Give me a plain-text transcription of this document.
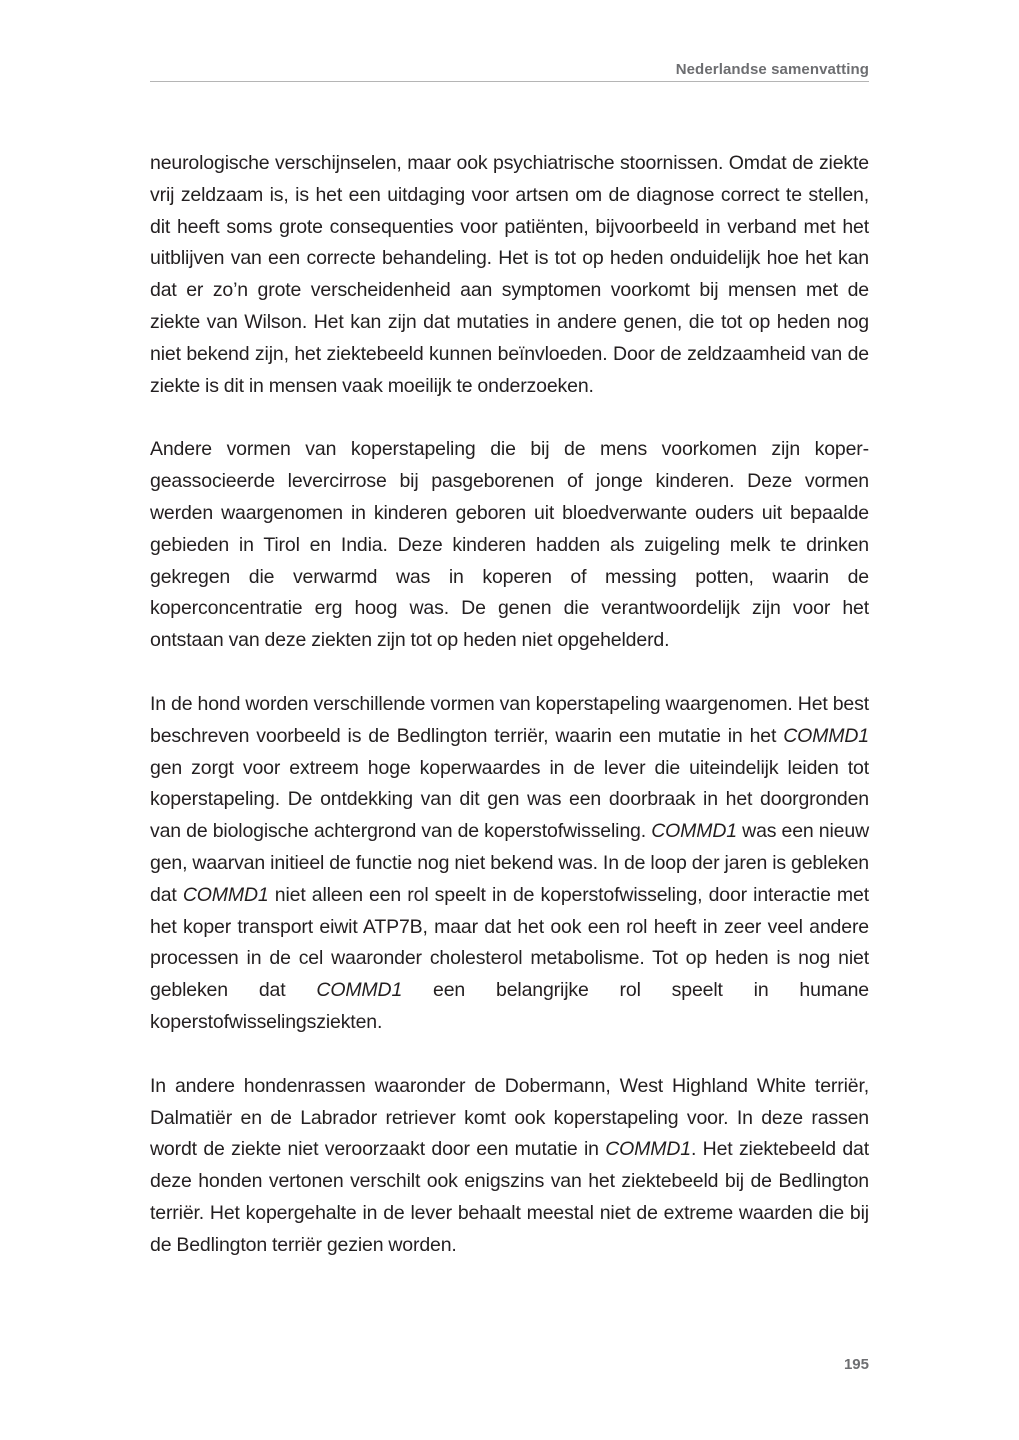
Nederlandse samenvatting

neurologische verschijnselen, maar ook psychiatrische stoornissen. Omdat de ziekte vrij zeldzaam is, is het een uitdaging voor artsen om de diagnose correct te stellen, dit heeft soms grote consequenties voor patiënten, bijvoorbeeld in verband met het uitblijven van een correcte behandeling. Het is tot op heden onduidelijk hoe het kan dat er zo’n grote verscheidenheid aan symptomen voorkomt bij mensen met de ziekte van Wilson. Het kan zijn dat mutaties in andere genen, die tot op heden nog niet bekend zijn, het ziektebeeld kunnen beïnvloeden. Door de zeldzaamheid van de ziekte is dit in mensen vaak moeilijk te onderzoeken.

Andere vormen van koperstapeling die bij de mens voorkomen zijn koper-geassocieerde levercirrose bij pasgeborenen of jonge kinderen. Deze vormen werden waargenomen in kinderen geboren uit bloedverwante ouders uit bepaalde gebieden in Tirol en India. Deze kinderen hadden als zuigeling melk te drinken gekregen die verwarmd was in koperen of messing potten, waarin de koperconcentratie erg hoog was. De genen die verantwoordelijk zijn voor het ontstaan van deze ziekten zijn tot op heden niet opgehelderd.

In de hond worden verschillende vormen van koperstapeling waargenomen. Het best beschreven voorbeeld is de Bedlington terriër, waarin een mutatie in het COMMD1 gen zorgt voor extreem hoge koperwaardes in de lever die uiteindelijk leiden tot koperstapeling. De ontdekking van dit gen was een doorbraak in het doorgronden van de biologische achtergrond van de koperstofwisseling. COMMD1 was een nieuw gen, waarvan initieel de functie nog niet bekend was. In de loop der jaren is gebleken dat COMMD1 niet alleen een rol speelt in de koperstofwisseling, door interactie met het koper transport eiwit ATP7B, maar dat het ook een rol heeft in zeer veel andere processen in de cel waaronder cholesterol metabolisme. Tot op heden is nog niet gebleken dat COMMD1 een belangrijke rol speelt in humane koperstofwisselingsziekten.

In andere hondenrassen waaronder de Dobermann, West Highland White terriër, Dalmatiër en de Labrador retriever komt ook koperstapeling voor. In deze rassen wordt de ziekte niet veroorzaakt door een mutatie in COMMD1. Het ziektebeeld dat deze honden vertonen verschilt ook enigszins van het ziektebeeld bij de Bedlington terriër. Het kopergehalte in de lever behaalt meestal niet de extreme waarden die bij de Bedlington terriër gezien worden.

195
